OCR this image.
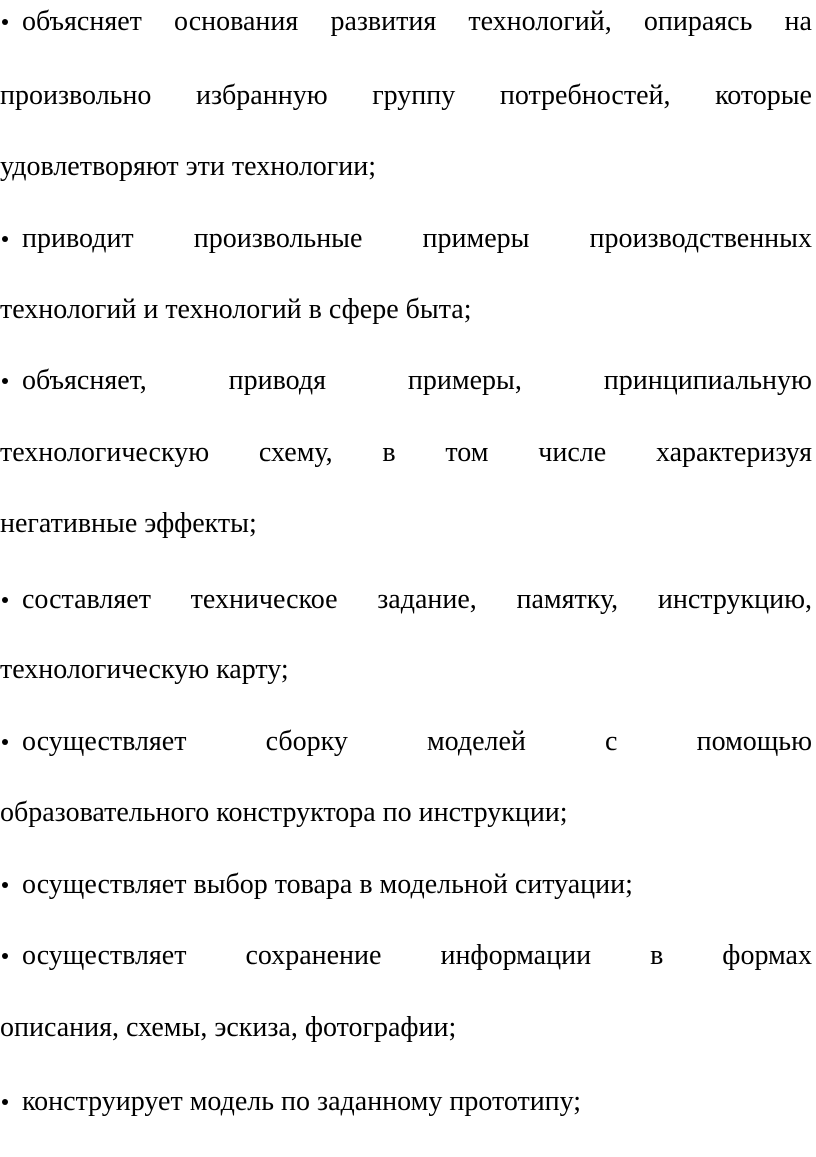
объясняет основания развития технологий, опираясь на
произвольно избранную группу потребностей, которые
удовлетворяют эти технологии;
приводит произвольные примеры производственных
технологий и технологий в сфере быта;
объясняет,	приводя	примеры,	принципиальную
технологическую схему, в том числе характеризуя
негативные эффекты;
составляет техническое задание, памятку, инструкцию,
технологическую карту;
осуществляет	сборку	моделей	с	помощью
образовательного конструктора по инструкции;
осуществляет выбор товара в модельной ситуации;
осуществляет сохранение информации в формах
описания, схемы, эскиза, фотографии;
конструирует модель по заданному прототипу;
